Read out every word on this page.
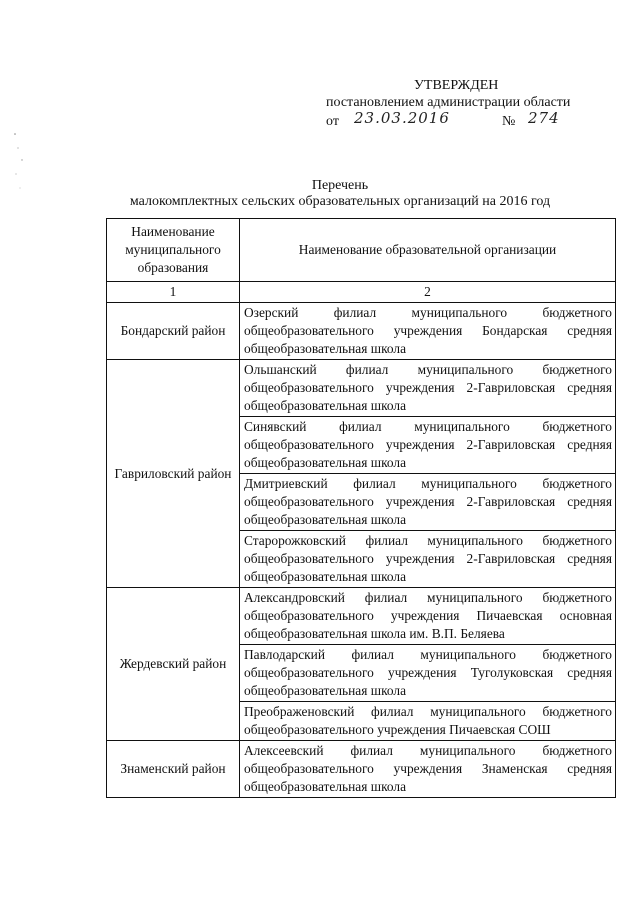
УТВЕРЖДЕН
постановлением администрации области
от 23.03.2016	№ 274
Перечень
малокомплектных сельских образовательных организаций на 2016 год
Наименование муниципального образования	Наименование образовательной организации
1	2
Бондарский район	Озерский филиал муниципального бюджетного общеобразовательного учреждения Бондарская средняя общеобразовательная школа
Гавриловский район	Ольшанский филиал муниципального бюджетного общеобразовательного учреждения 2-Гавриловская средняя общеобразовательная школа
	Синявский филиал муниципального бюджетного общеобразовательного учреждения 2-Гавриловская средняя общеобразовательная школа
	Дмитриевский филиал муниципального бюджетного общеобразовательного учреждения 2-Гавриловская средняя общеобразовательная школа
	Старорожковский филиал муниципального бюджетного общеобразовательного учреждения 2-Гавриловская средняя общеобразовательная школа
Жердевский район	Александровский филиал муниципального бюджетного общеобразовательного учреждения Пичаевская основная общеобразовательная школа им. В.П. Беляева
	Павлодарский филиал муниципального бюджетного общеобразовательного учреждения Туголуковская средняя общеобразовательная школа
	Преображеновский филиал муниципального бюджетного общеобразовательного учреждения Пичаевская СОШ
Знаменский район	Алексеевский филиал муниципального бюджетного общеобразовательного учреждения Знаменская средняя общеобразовательная школа
